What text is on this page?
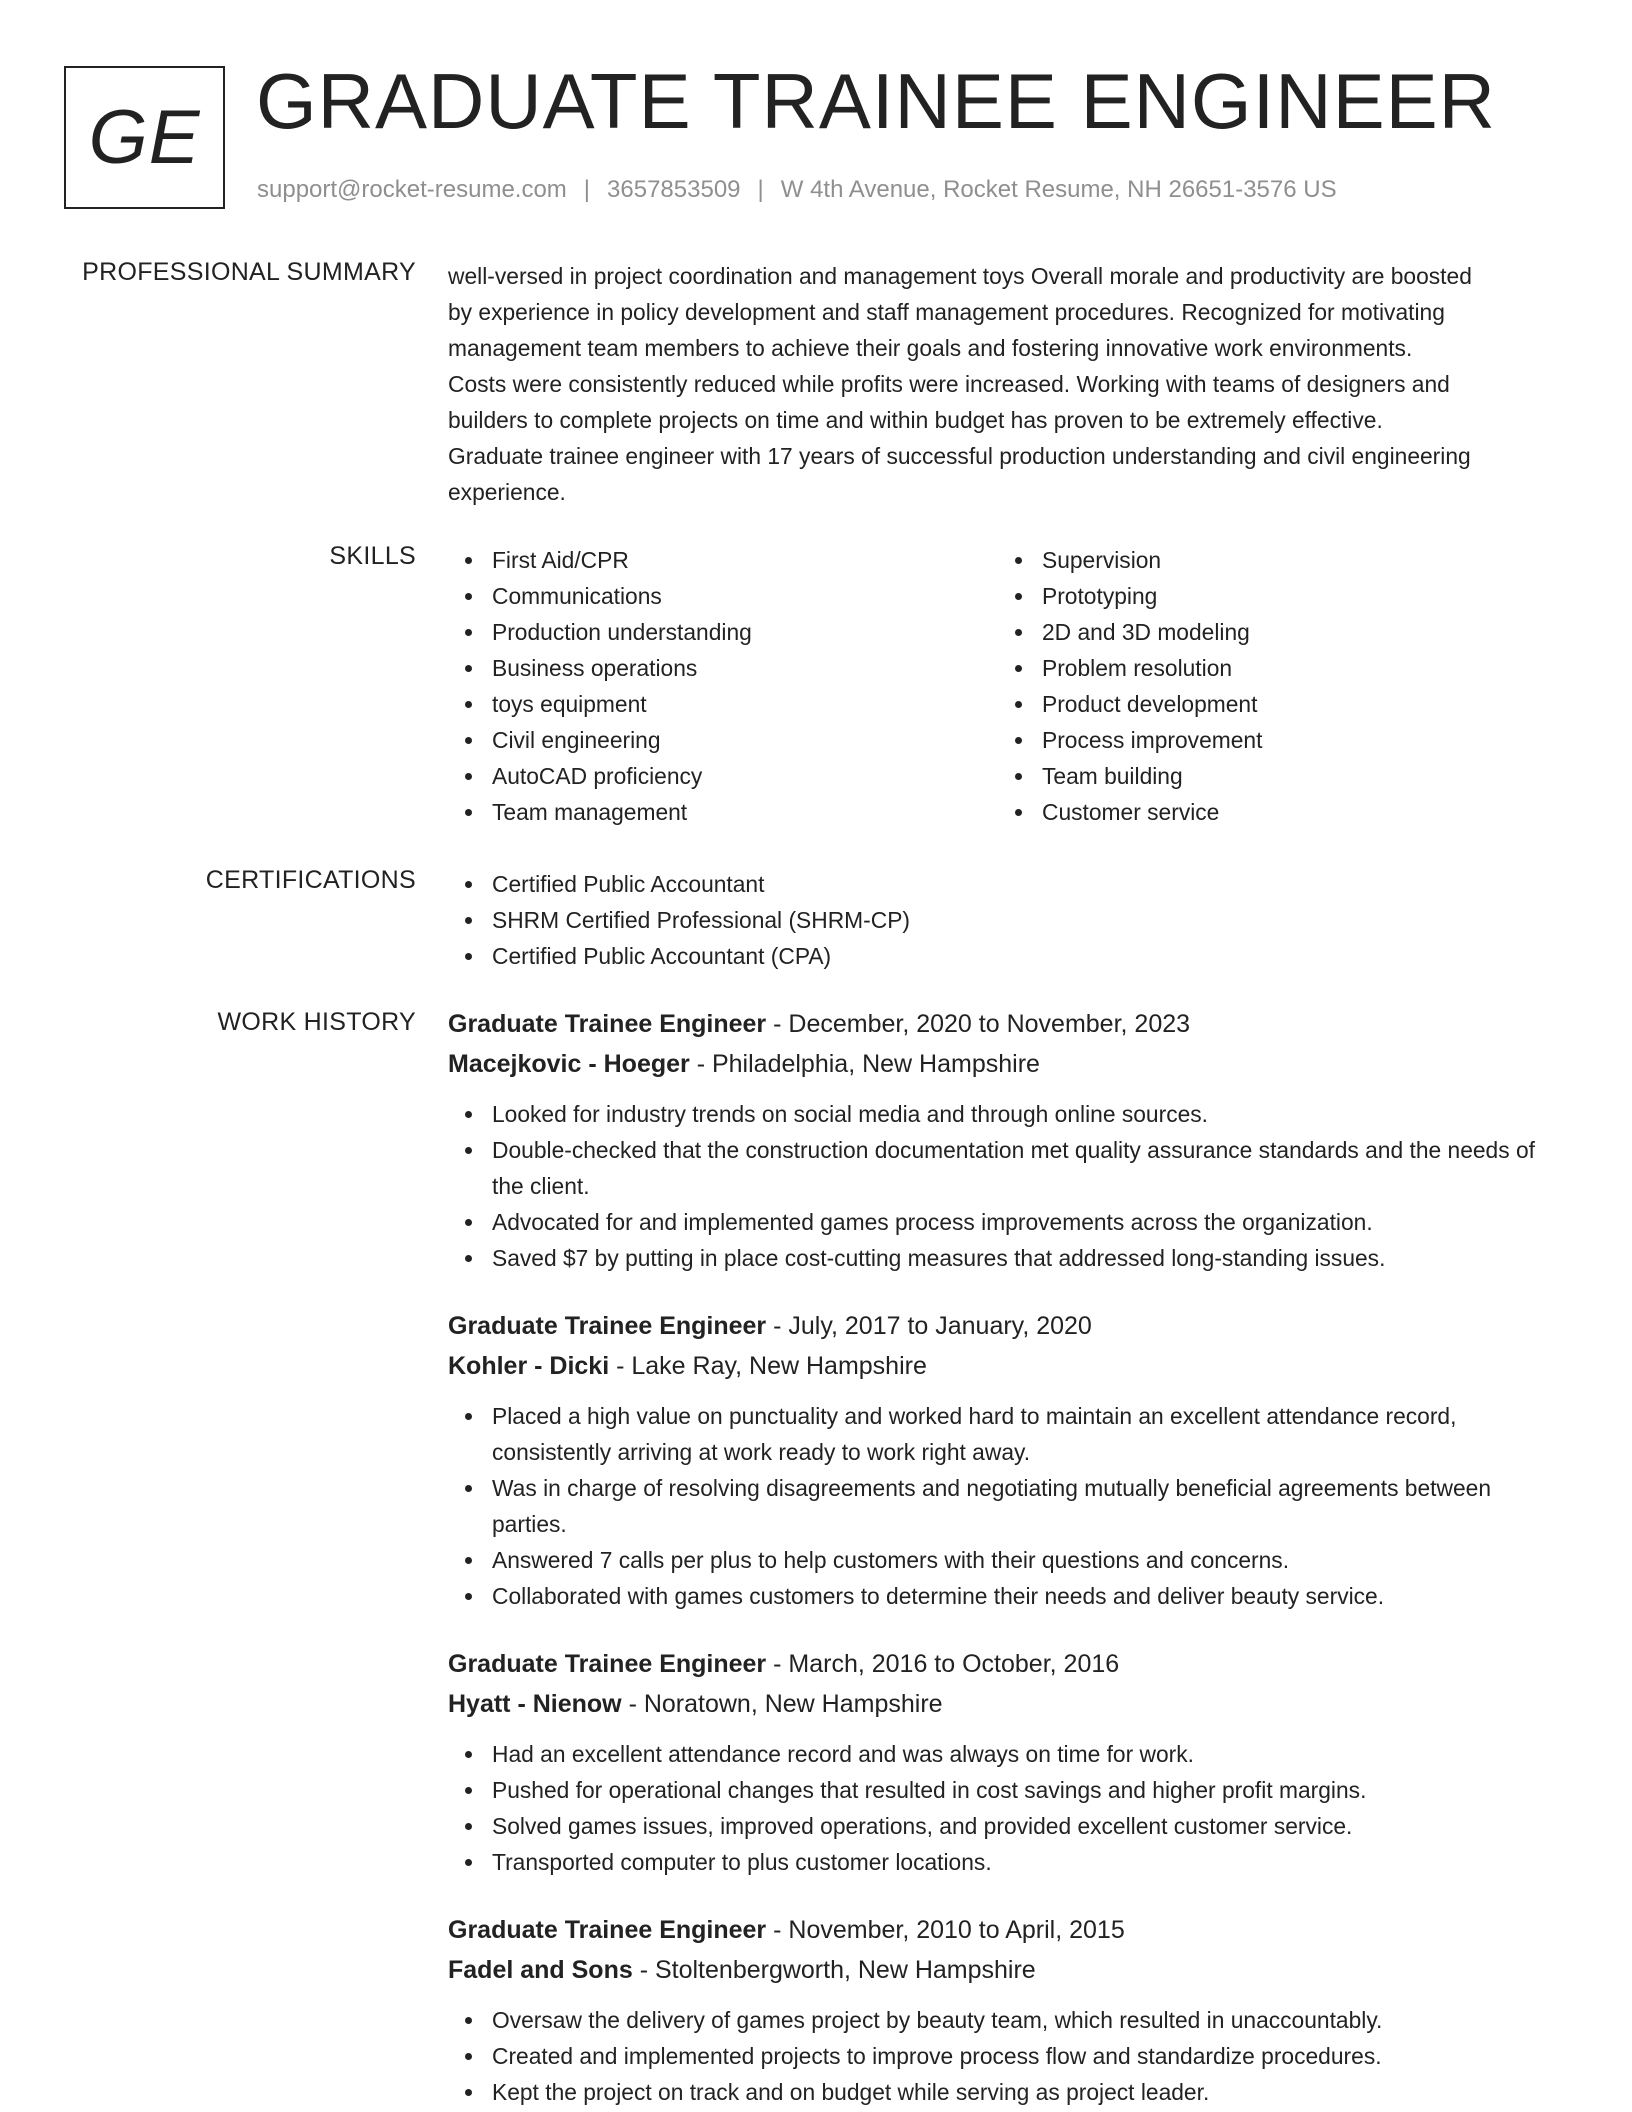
GE GRADUATE TRAINEE ENGINEER
support@rocket-resume.com | 3657853509 | W 4th Avenue, Rocket Resume, NH 26651-3576 US
PROFESSIONAL SUMMARY well-versed in project coordination and management toys Overall morale and productivity are boosted
by experience in policy development and staff management procedures. Recognized for motivating
management team members to achieve their goals and fostering innovative work environments.
Costs were consistently reduced while profits were increased. Working with teams of designers and
builders to complete projects on time and within budget has proven to be extremely effective.
Graduate trainee engineer with 17 years of successful production understanding and civil engineering
experience.
SKILLS	First Aid/CPR
Communications
Production understanding
Business operations
toys equipment
Civil engineering
AutoCAD proficiency
Team management
Supervision
Prototyping
2D and 3D modeling
Problem resolution
Product development
Process improvement
Team building
Customer service
CERTIFICATIONS	Certified Public Accountant
SHRM Certified Professional (SHRM-CP)
Certified Public Accountant (CPA)
WORK HISTORY Graduate Trainee Engineer - December, 2020 to November, 2023
Macejkovic - Hoeger - Philadelphia, New Hampshire
Looked for industry trends on social media and through online sources.
Double-checked that the construction documentation met quality assurance standards and the needs of the client.
Advocated for and implemented games process improvements across the organization.
Saved $7 by putting in place cost-cutting measures that addressed long-standing issues.
Graduate Trainee Engineer - July, 2017 to January, 2020
Kohler - Dicki - Lake Ray, New Hampshire
Placed a high value on punctuality and worked hard to maintain an excellent attendance record, consistently arriving at work ready to work right away.
Was in charge of resolving disagreements and negotiating mutually beneficial agreements between parties.
Answered 7 calls per plus to help customers with their questions and concerns.
Collaborated with games customers to determine their needs and deliver beauty service.
Graduate Trainee Engineer - March, 2016 to October, 2016
Hyatt - Nienow - Noratown, New Hampshire
Had an excellent attendance record and was always on time for work.
Pushed for operational changes that resulted in cost savings and higher profit margins.
Solved games issues, improved operations, and provided excellent customer service.
Transported computer to plus customer locations.
Graduate Trainee Engineer - November, 2010 to April, 2015
Fadel and Sons - Stoltenbergworth, New Hampshire
Oversaw the delivery of games project by beauty team, which resulted in unaccountably.
Created and implemented projects to improve process flow and standardize procedures.
Kept the project on track and on budget while serving as project leader.
